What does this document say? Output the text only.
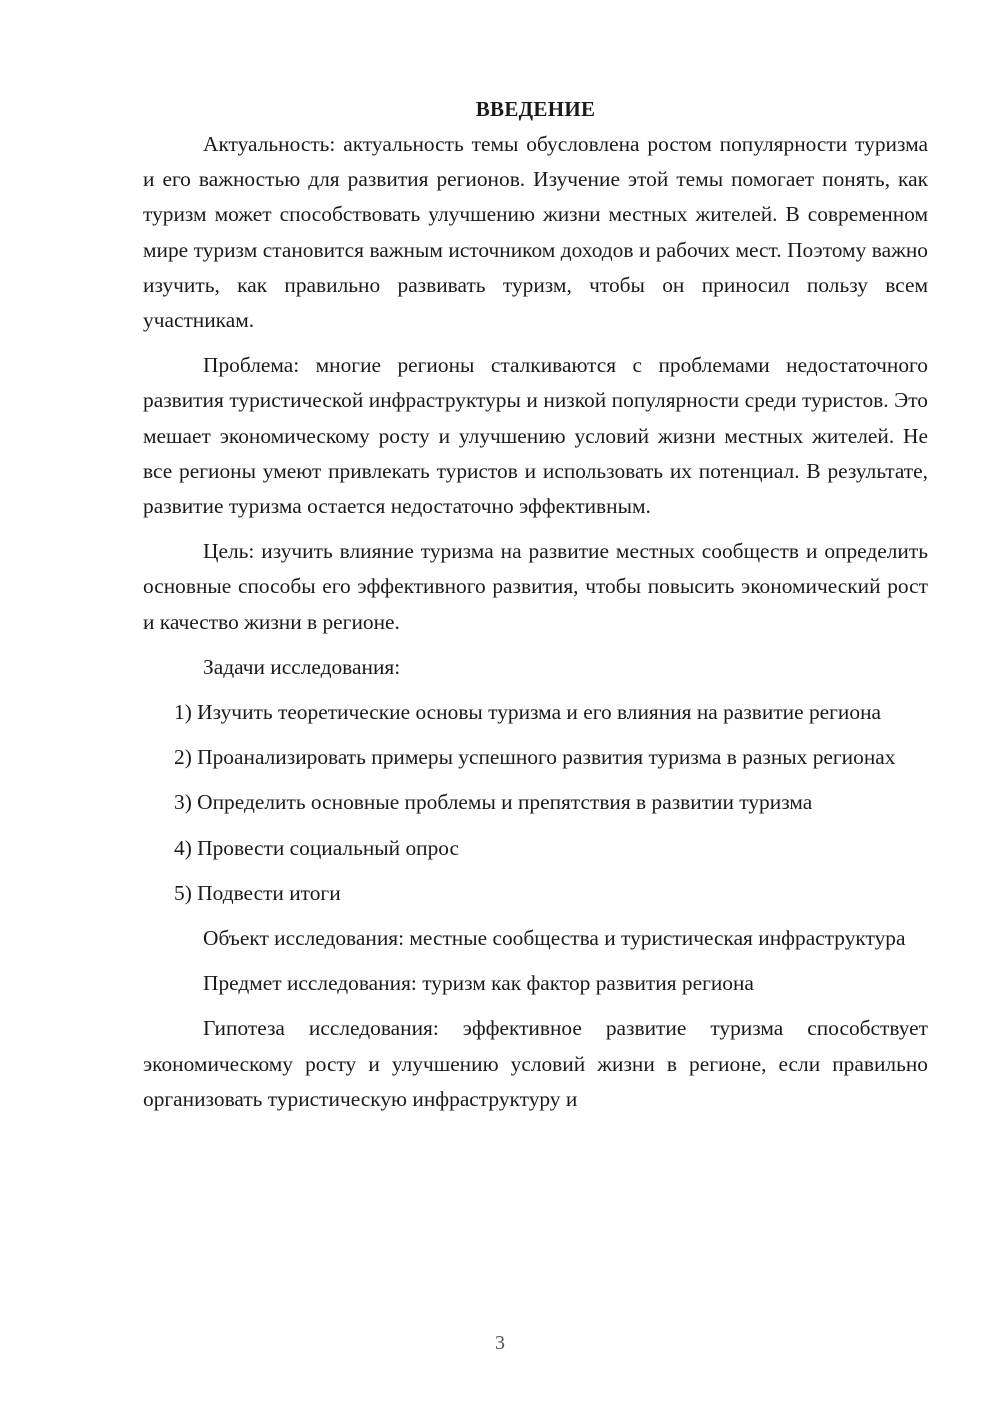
ВВЕДЕНИЕ

Актуальность: актуальность темы обусловлена ростом популярности туризма и его важностью для развития регионов. Изучение этой темы помогает понять, как туризм может способствовать улучшению жизни местных жителей. В современном мире туризм становится важным источником доходов и рабочих мест. Поэтому важно изучить, как правильно развивать туризм, чтобы он приносил пользу всем участникам.

Проблема: многие регионы сталкиваются с проблемами недостаточного развития туристической инфраструктуры и низкой популярности среди туристов. Это мешает экономическому росту и улучшению условий жизни местных жителей. Не все регионы умеют привлекать туристов и использовать их потенциал. В результате, развитие туризма остается недостаточно эффективным.

Цель: изучить влияние туризма на развитие местных сообществ и определить основные способы его эффективного развития, чтобы повысить экономический рост и качество жизни в регионе.

Задачи исследования:

1) Изучить теоретические основы туризма и его влияния на развитие региона

2) Проанализировать примеры успешного развития туризма в разных регионах

3) Определить основные проблемы и препятствия в развитии туризма

4) Провести социальный опрос

5) Подвести итоги

Объект исследования: местные сообщества и туристическая инфраструктура

Предмет исследования: туризм как фактор развития региона

Гипотеза исследования: эффективное развитие туризма способствует экономическому росту и улучшению условий жизни в регионе, если правильно организовать туристическую инфраструктуру и

3
